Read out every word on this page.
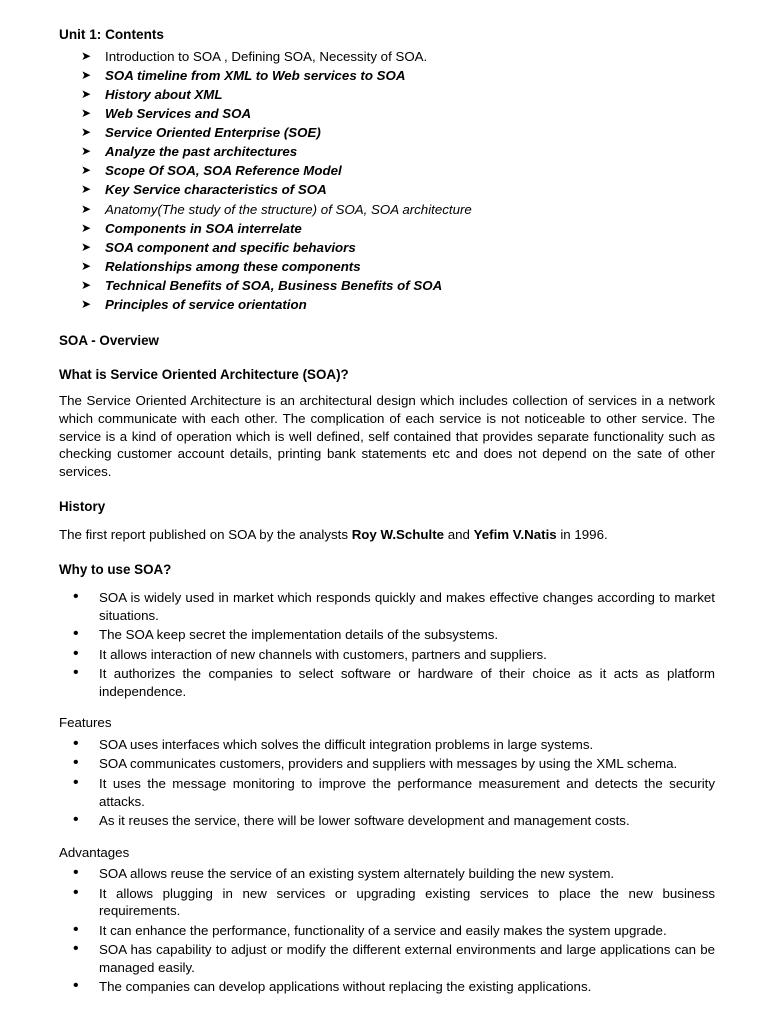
Unit 1: Contents
➤ Introduction to SOA , Defining SOA, Necessity of SOA.
➤ SOA timeline from XML to Web services to SOA
➤ History about XML
➤ Web Services and SOA
➤ Service Oriented Enterprise (SOE)
➤ Analyze the past architectures
➤ Scope Of SOA, SOA Reference Model
➤ Key Service characteristics of SOA
➤ Anatomy(The study of the structure) of SOA, SOA architecture
➤ Components in SOA interrelate
➤ SOA component and specific behaviors
➤ Relationships among these components
➤ Technical Benefits of SOA, Business Benefits of SOA
➤ Principles of service orientation
SOA - Overview
What is Service Oriented Architecture (SOA)?

The Service Oriented Architecture is an architectural design which includes collection of services in a network which communicate with each other. The complication of each service is not noticeable to other service. The service is a kind of operation which is well defined, self contained that provides separate functionality such as checking customer account details, printing bank statements etc and does not depend on the sate of other services.

History

The first report published on SOA by the analysts Roy W.Schulte and Yefim V.Natis in 1996.

Why to use SOA?
• SOA is widely used in market which responds quickly and makes effective changes according to market situations.
• The SOA keep secret the implementation details of the subsystems.
• It allows interaction of new channels with customers, partners and suppliers.
• It authorizes the companies to select software or hardware of their choice as it acts as platform independence.
Features
• SOA uses interfaces which solves the difficult integration problems in large systems.
• SOA communicates customers, providers and suppliers with messages by using the XML schema.
• It uses the message monitoring to improve the performance measurement and detects the security attacks.
• As it reuses the service, there will be lower software development and management costs.
Advantages
• SOA allows reuse the service of an existing system alternately building the new system.
• It allows plugging in new services or upgrading existing services to place the new business requirements.
• It can enhance the performance, functionality of a service and easily makes the system upgrade.
• SOA has capability to adjust or modify the different external environments and large applications can be managed easily.
• The companies can develop applications without replacing the existing applications.
